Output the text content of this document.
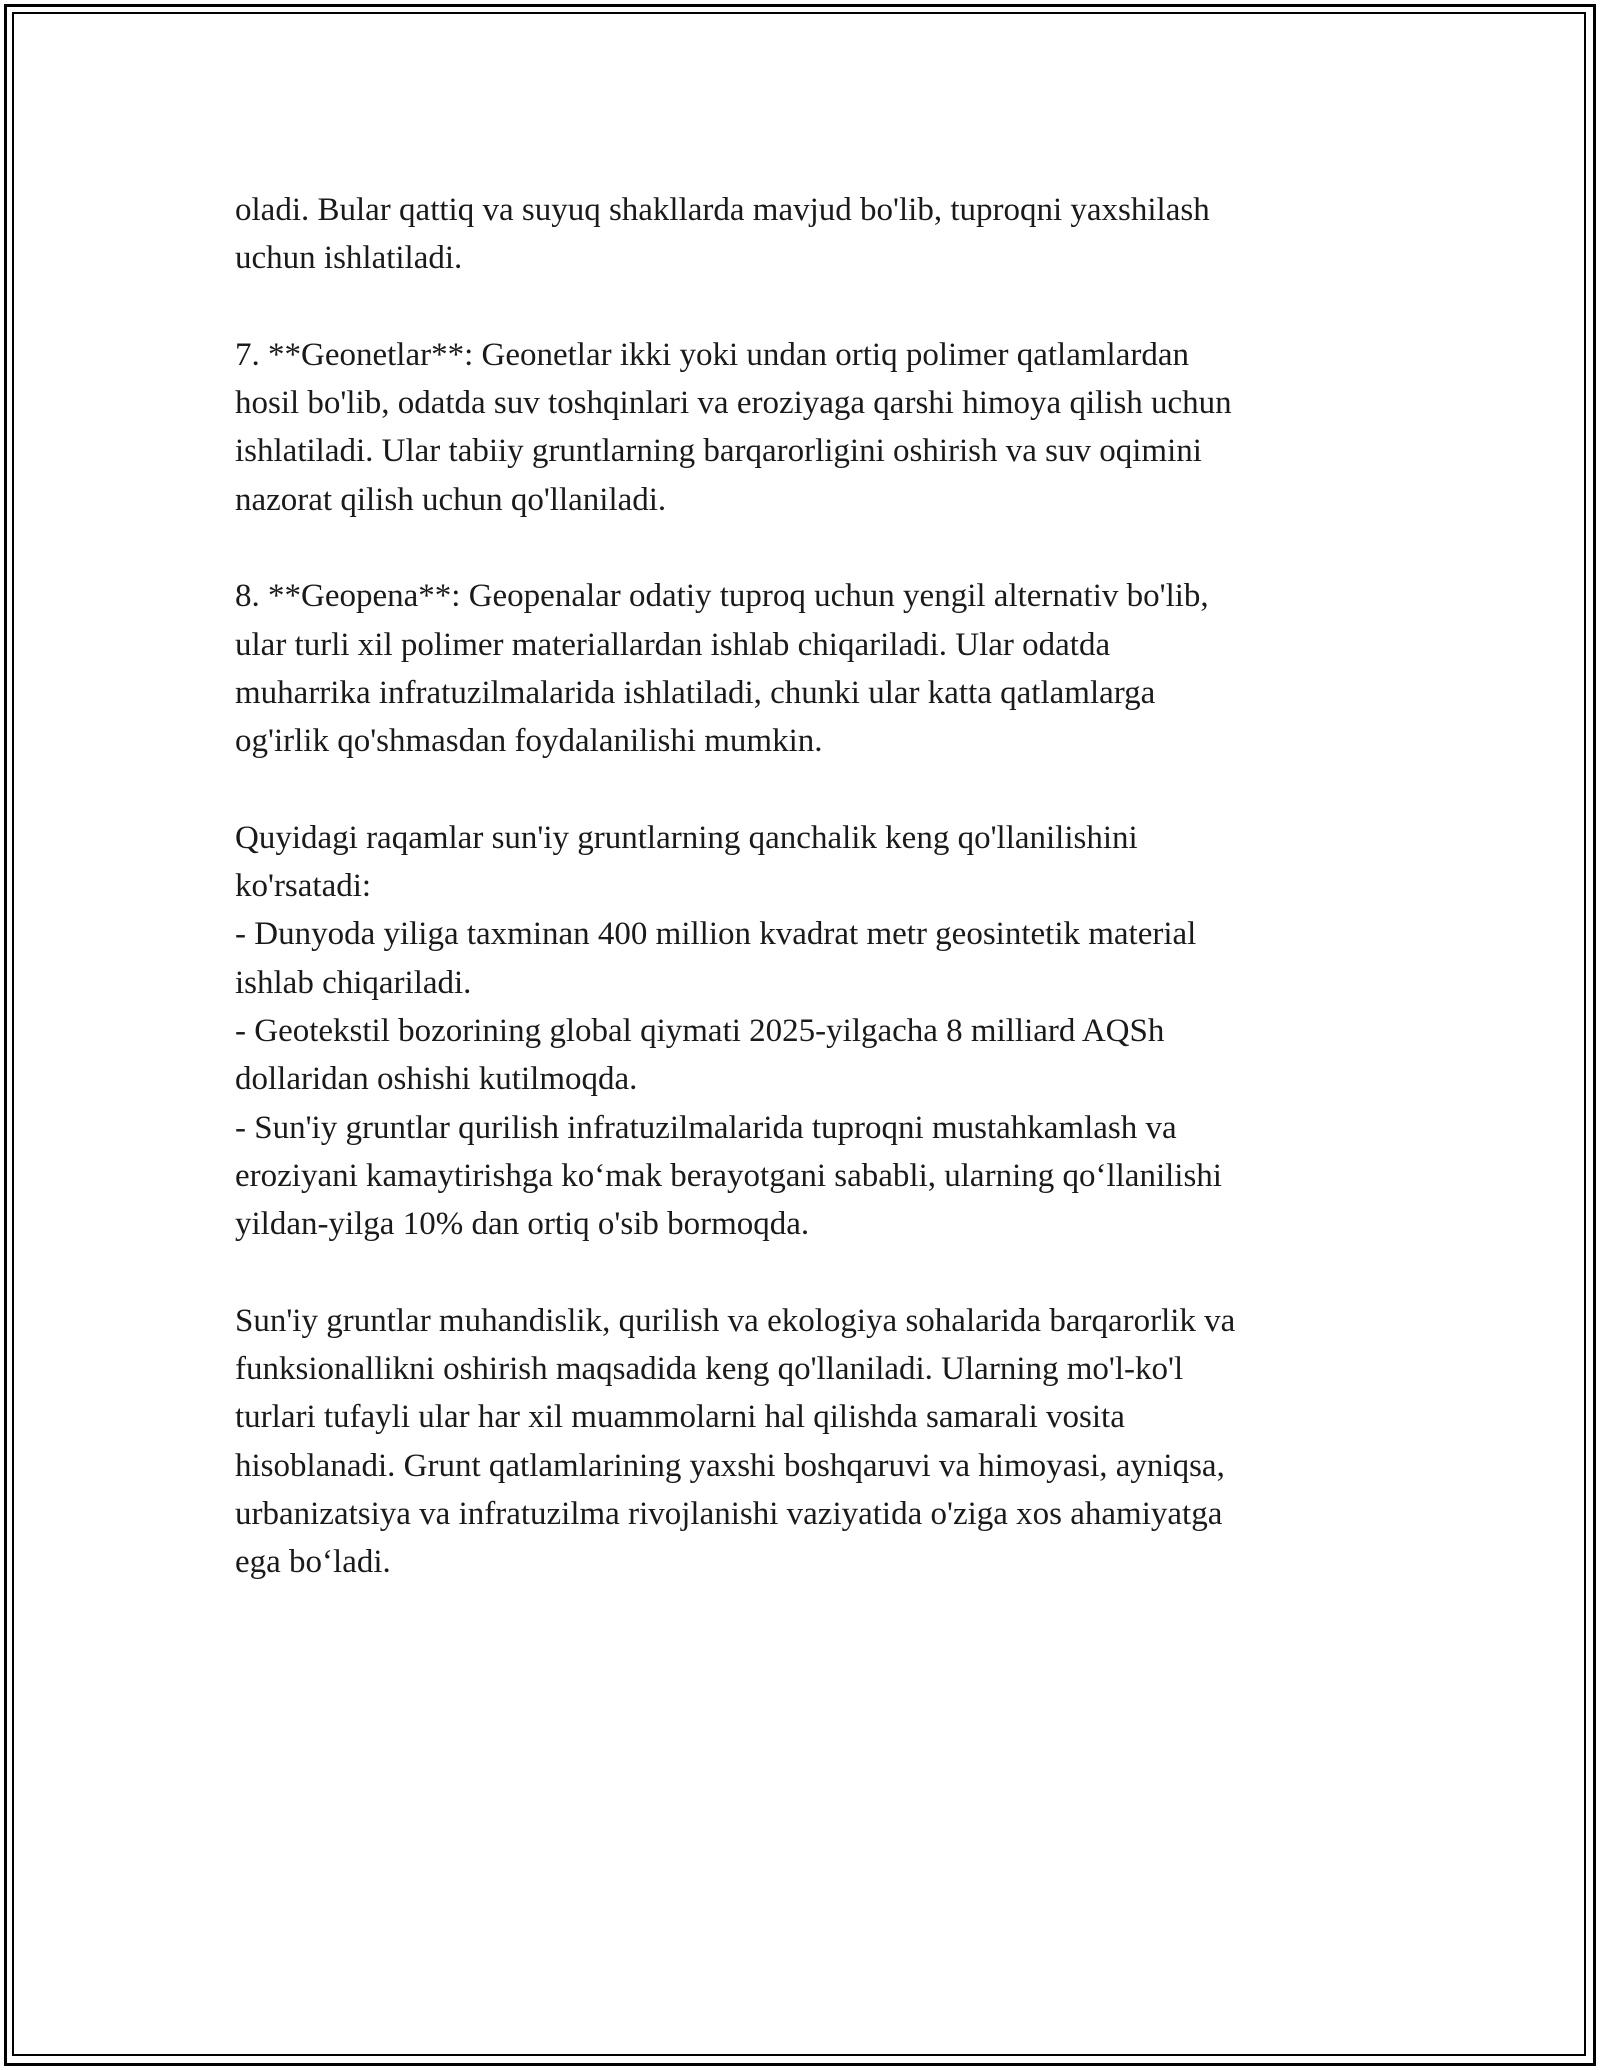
oladi. Bular qattiq va suyuq shakllarda mavjud bo'lib, tuproqni yaxshilash
uchun ishlatiladi.

7. **Geonetlar**: Geonetlar ikki yoki undan ortiq polimer qatlamlardan
hosil bo'lib, odatda suv toshqinlari va eroziyaga qarshi himoya qilish uchun
ishlatiladi. Ular tabiiy gruntlarning barqarorligini oshirish va suv oqimini
nazorat qilish uchun qo'llaniladi.

8. **Geopena**: Geopenalar odatiy tuproq uchun yengil alternativ bo'lib,
ular turli xil polimer materiallardan ishlab chiqariladi. Ular odatda
muharrika infratuzilmalarida ishlatiladi, chunki ular katta qatlamlarga
og'irlik qo'shmasdan foydalanilishi mumkin.

Quyidagi raqamlar sun'iy gruntlarning qanchalik keng qo'llanilishini
ko'rsatadi:
- Dunyoda yiliga taxminan 400 million kvadrat metr geosintetik material
ishlab chiqariladi.
- Geotekstil bozorining global qiymati 2025-yilgacha 8 milliard AQSh
dollaridan oshishi kutilmoqda.
- Sun'iy gruntlar qurilish infratuzilmalarida tuproqni mustahkamlash va
eroziyani kamaytirishga ko‘mak berayotgani sababli, ularning qo‘llanilishi
yildan-yilga 10% dan ortiq o'sib bormoqda.

Sun'iy gruntlar muhandislik, qurilish va ekologiya sohalarida barqarorlik va
funksionallikni oshirish maqsadida keng qo'llaniladi. Ularning mo'l-ko'l
turlari tufayli ular har xil muammolarni hal qilishda samarali vosita
hisoblanadi. Grunt qatlamlarining yaxshi boshqaruvi va himoyasi, ayniqsa,
urbanizatsiya va infratuzilma rivojlanishi vaziyatida o'ziga xos ahamiyatga
ega bo‘ladi.
